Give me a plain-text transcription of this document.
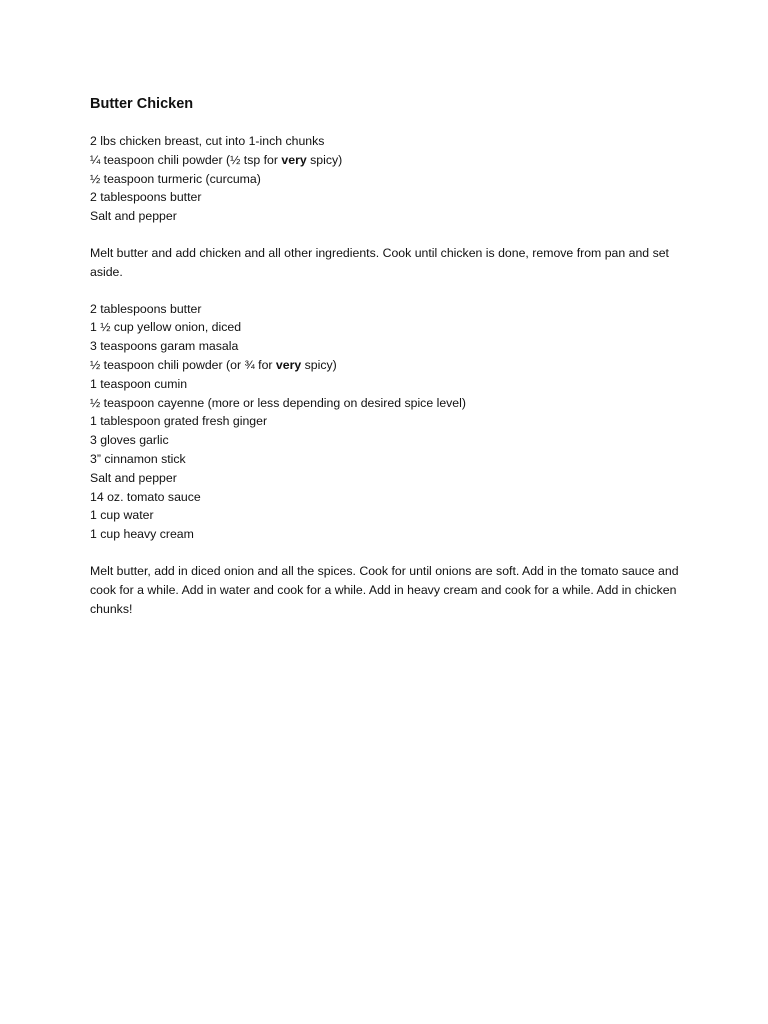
Butter Chicken
2 lbs chicken breast, cut into 1-inch chunks
¼ teaspoon chili powder (½ tsp for very spicy)
½ teaspoon turmeric (curcuma)
2 tablespoons butter
Salt and pepper
Melt butter and add chicken and all other ingredients. Cook until chicken is done, remove from pan and set aside.
2 tablespoons butter
1 ½ cup yellow onion, diced
3 teaspoons garam masala
½ teaspoon chili powder (or ¾ for very spicy)
1 teaspoon cumin
½ teaspoon cayenne (more or less depending on desired spice level)
1 tablespoon grated fresh ginger
3 gloves garlic
3” cinnamon stick
Salt and pepper
14 oz. tomato sauce
1 cup water
1 cup heavy cream
Melt butter, add in diced onion and all the spices. Cook for until onions are soft. Add in the tomato sauce and cook for a while. Add in water and cook for a while. Add in heavy cream and cook for a while. Add in chicken chunks!
